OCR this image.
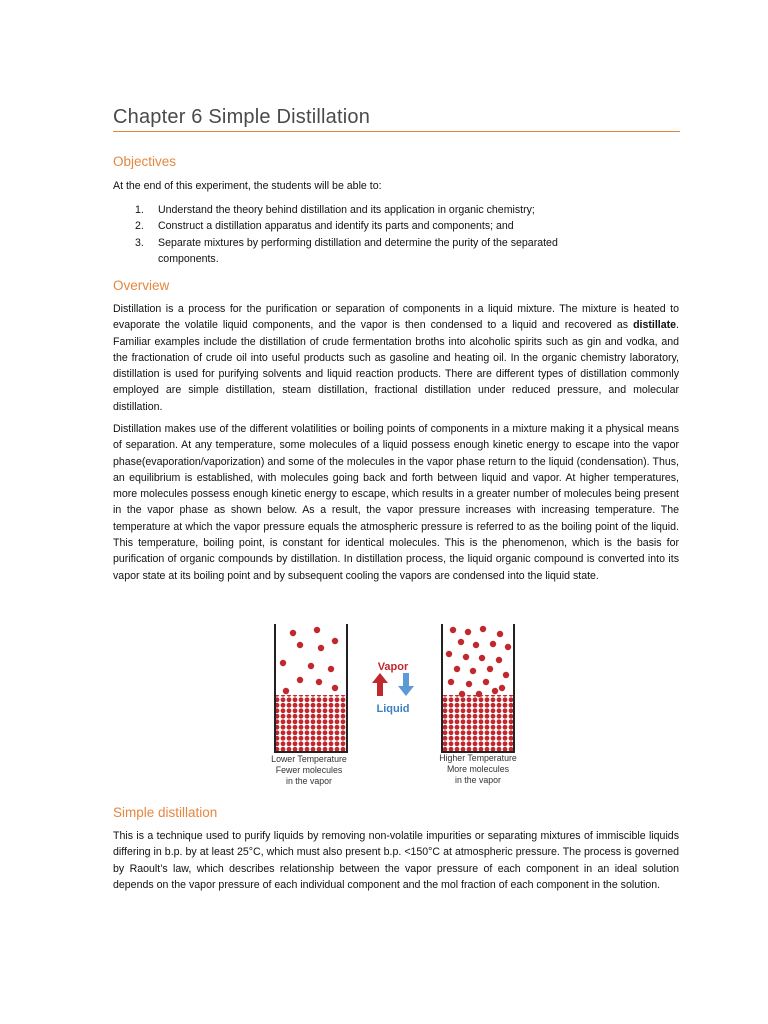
Chapter 6 Simple Distillation
Objectives

At the end of this experiment, the students will be able to:

1. Understand the theory behind distillation and its application in organic chemistry;
2. Construct a distillation apparatus and identify its parts and components; and
3. Separate mixtures by performing distillation and determine the purity of the separated components.
Overview

Distillation is a process for the purification or separation of components in a liquid mixture. The mixture is heated to evaporate the volatile liquid components, and the vapor is then condensed to a liquid and recovered as distillate. Familiar examples include the distillation of crude fermentation broths into alcoholic spirits such as gin and vodka, and the fractionation of crude oil into useful products such as gasoline and heating oil. In the organic chemistry laboratory, distillation is used for purifying solvents and liquid reaction products. There are different types of distillation commonly employed are simple distillation, steam distillation, fractional distillation under reduced pressure, and molecular distillation.

Distillation makes use of the different volatilities or boiling points of components in a mixture making it a physical means of separation. At any temperature, some molecules of a liquid possess enough kinetic energy to escape into the vapor phase(evaporation/vaporization) and some of the molecules in the vapor phase return to the liquid (condensation). Thus, an equilibrium is established, with molecules going back and forth between liquid and vapor. At higher temperatures, more molecules possess enough kinetic energy to escape, which results in a greater number of molecules being present in the vapor phase as shown below. As a result, the vapor pressure increases with increasing temperature. The temperature at which the vapor pressure equals the atmospheric pressure is referred to as the boiling point of the liquid. This temperature, boiling point, is constant for identical molecules. This is the phenomenon, which is the basis for purification of organic compounds by distillation. In distillation process, the liquid organic compound is converted into its vapor state at its boiling point and by subsequent cooling the vapors are condensed into the liquid state.

Vapor
Liquid
Lower Temperature
Fewer molecules
in the vapor
Higher Temperature
More molecules
in the vapor
Simple distillation

This is a technique used to purify liquids by removing non-volatile impurities or separating mixtures of immiscible liquids differing in b.p. by at least 25°C, which must also present b.p. <150°C at atmospheric pressure. The process is governed by Raoult’s law, which describes relationship between the vapor pressure of each component in an ideal solution depends on the vapor pressure of each individual component and the mol fraction of each component in the solution.
